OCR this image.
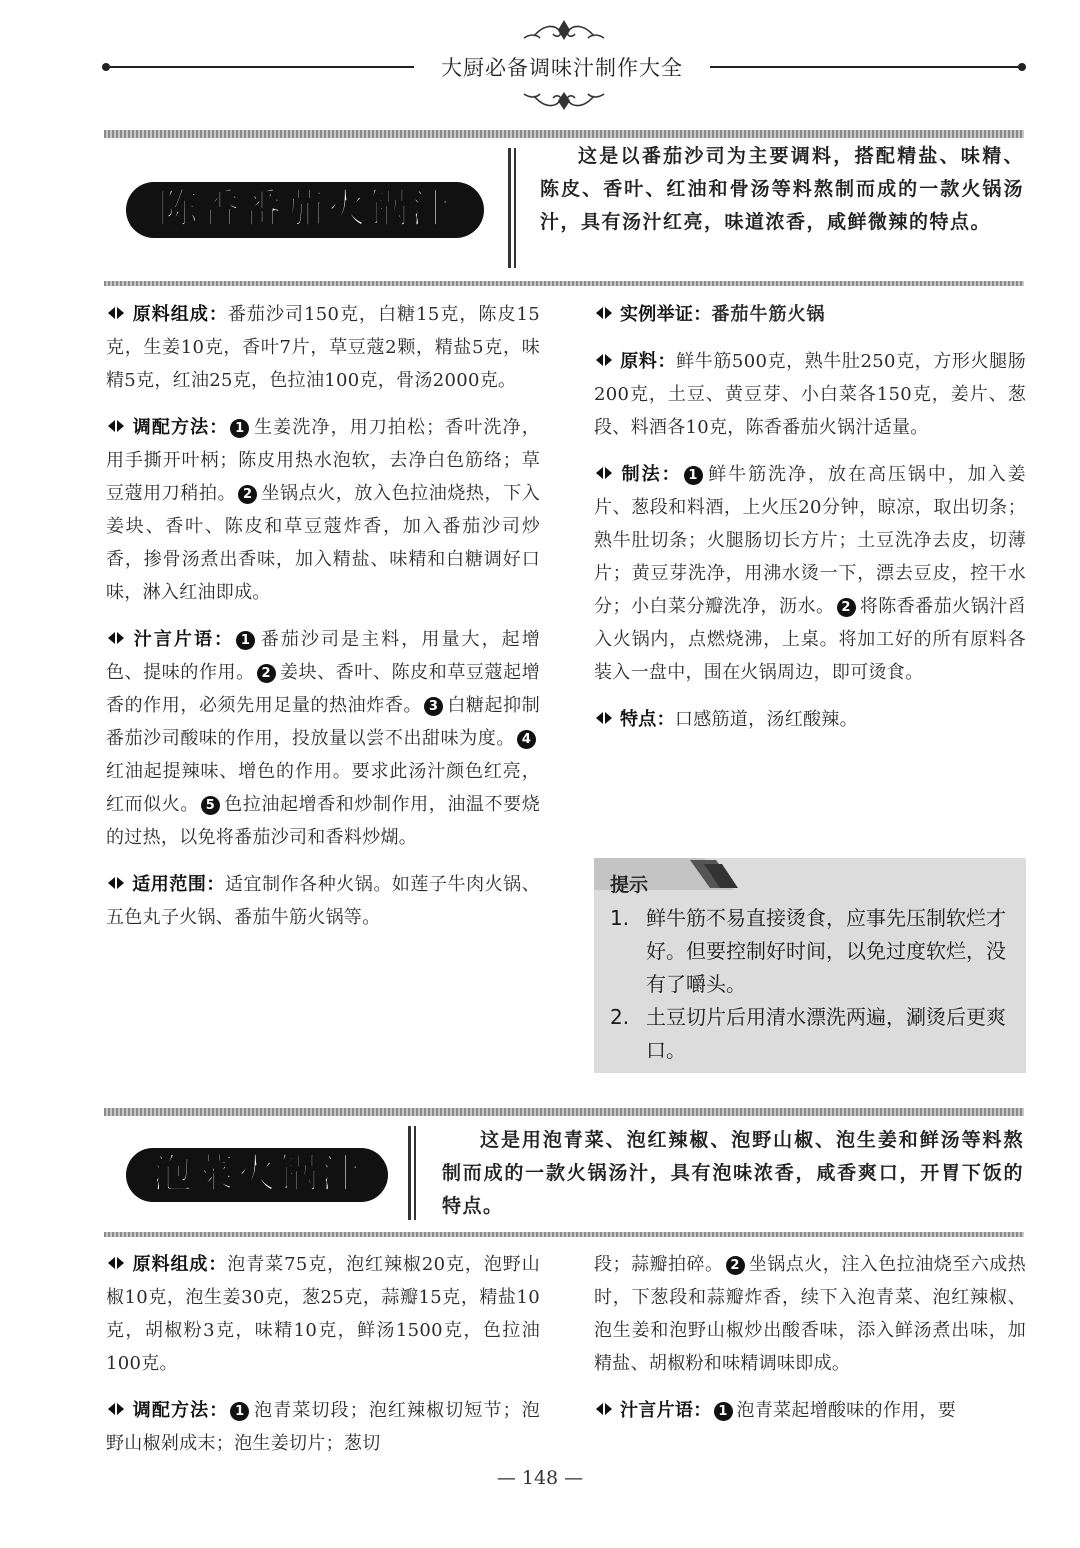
大厨必备调味汁制作大全
陈香番茄火锅汁

这是以番茄沙司为主要调料，搭配精盐、味精、陈皮、香叶、红油和骨汤等料熬制而成的一款火锅汤汁，具有汤汁红亮，味道浓香，咸鲜微辣的特点。

原料组成：番茄沙司150克，白糖15克，陈皮15克，生姜10克，香叶7片，草豆蔻2颗，精盐5克，味精5克，红油25克，色拉油100克，骨汤2000克。

调配方法： 1 生姜洗净，用刀拍松；香叶洗净，用手撕开叶柄；陈皮用热水泡软，去净白色筋络；草豆蔻用刀稍拍。 2 坐锅点火，放入色拉油烧热，下入姜块、香叶、陈皮和草豆蔻炸香，加入番茄沙司炒香，掺骨汤煮出香味，加入精盐、味精和白糖调好口味，淋入红油即成。

汁言片语： 1 番茄沙司是主料，用量大，起增色、提味的作用。 2 姜块、香叶、陈皮和草豆蔻起增香的作用，必须先用足量的热油炸香。 3 白糖起抑制番茄沙司酸味的作用，投放量以尝不出甜味为度。 4红油起提辣味、增色的作用。要求此汤汁颜色红亮，红而似火。 5 色拉油起增香和炒制作用，油温不要烧的过热，以免将番茄沙司和香料炒煳。

适用范围：适宜制作各种火锅。如莲子牛肉火锅、五色丸子火锅、番茄牛筋火锅等。

实例举证：番茄牛筋火锅

原料：鲜牛筋500克，熟牛肚250克，方形火腿肠200克，土豆、黄豆芽、小白菜各150克，姜片、葱段、料酒各10克，陈香番茄火锅汁适量。

制法： 1 鲜牛筋洗净，放在高压锅中，加入姜片、葱段和料酒，上火压20分钟，晾凉，取出切条；熟牛肚切条；火腿肠切长方片；土豆洗净去皮，切薄片；黄豆芽洗净，用沸水烫一下，漂去豆皮，控干水分；小白菜分瓣洗净，沥水。 2 将陈香番茄火锅汁舀入火锅内，点燃烧沸，上桌。将加工好的所有原料各装入一盘中，围在火锅周边，即可烫食。

特点：口感筋道，汤红酸辣。

提示
1. 鲜牛筋不易直接烫食，应事先压制软烂才好。但要控制好时间，以免过度软烂，没有了嚼头。
2. 土豆切片后用清水漂洗两遍，涮烫后更爽口。
泡菜火锅汁

这是用泡青菜、泡红辣椒、泡野山椒、泡生姜和鲜汤等料熬制而成的一款火锅汤汁，具有泡味浓香，咸香爽口，开胃下饭的特点。

原料组成：泡青菜75克，泡红辣椒20克，泡野山椒10克，泡生姜30克，葱25克，蒜瓣15克，精盐10克，胡椒粉3克，味精10克，鲜汤1500克，色拉油100克。

调配方法： 1 泡青菜切段；泡红辣椒切短节；泡野山椒剁成末；泡生姜切片；葱切

段；蒜瓣拍碎。 2 坐锅点火，注入色拉油烧至六成热时，下葱段和蒜瓣炸香，续下入泡青菜、泡红辣椒、泡生姜和泡野山椒炒出酸香味，添入鲜汤煮出味，加精盐、胡椒粉和味精调味即成。

汁言片语： 1 泡青菜起增酸味的作用，要

— 148 —
